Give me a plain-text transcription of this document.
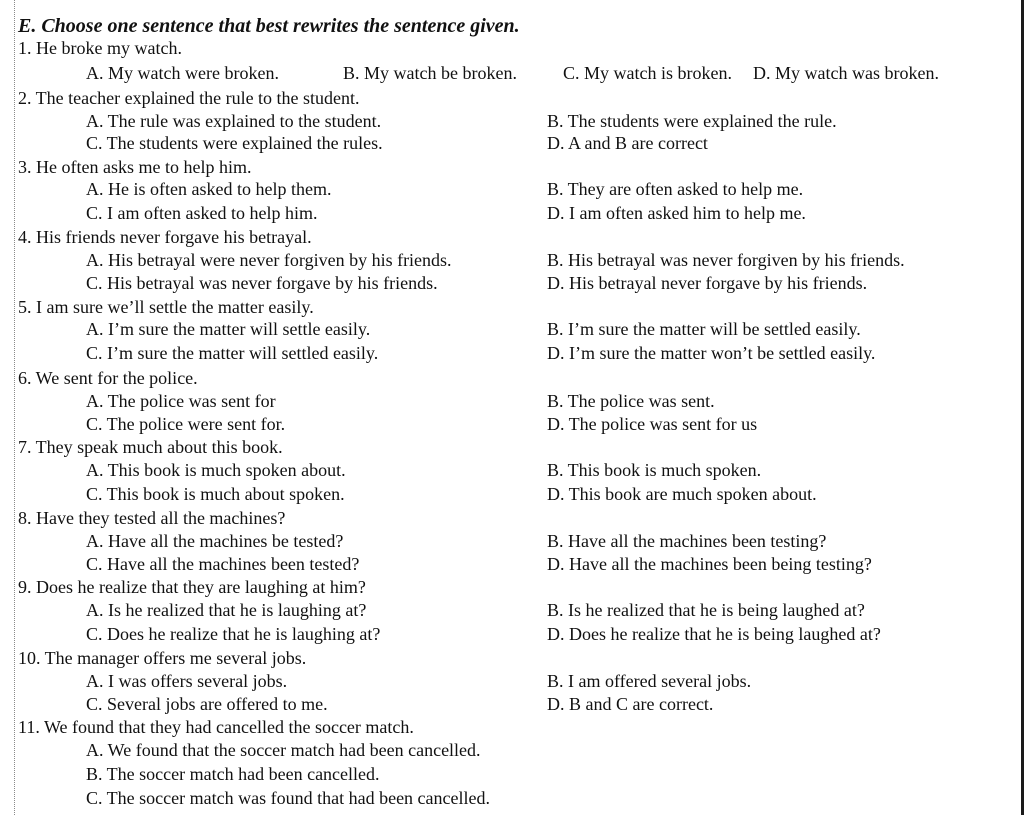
E. Choose one sentence that best rewrites the sentence given.
1. He broke my watch.
A. My watch were broken.	B. My watch be broken.	C. My watch is broken. D. My watch was broken.
2. The teacher explained the rule to the student.
A. The rule was explained to the student.	B. The students were explained the rule.
C. The students were explained the rules.	D. A and B are correct
3. He often asks me to help him.
A. He is often asked to help them.	B. They are often asked to help me.
C. I am often asked to help him.	D. I am often asked him to help me.
4. His friends never forgave his betrayal.
A. His betrayal were never forgiven by his friends.	B. His betrayal was never forgiven by his friends.
C. His betrayal was never forgave by his friends.	D. His betrayal never forgave by his friends.
5. I am sure we’ll settle the matter easily.
A. I’m sure the matter will settle easily.	B. I’m sure the matter will be settled easily.
C. I’m sure the matter will settled easily.	D. I’m sure the matter won’t be settled easily.
6. We sent for the police.
A. The police was sent for	B. The police was sent.
C. The police were sent for.	D. The police was sent for us
7. They speak much about this book.
A. This book is much spoken about.	B. This book is much spoken.
C. This book is much about spoken.	D. This book are much spoken about.
8. Have they tested all the machines?
A. Have all the machines be tested?	B. Have all the machines been testing?
C. Have all the machines been tested?	D. Have all the machines been being testing?
9. Does he realize that they are laughing at him?
A. Is he realized that he is laughing at?	B. Is he realized that he is being laughed at?
C. Does he realize that he is laughing at?	D. Does he realize that he is being laughed at?
10. The manager offers me several jobs.
A. I was offers several jobs.	B. I am offered several jobs.
C. Several jobs are offered to me.	D. B and C are correct.
11. We found that they had cancelled the soccer match.
A. We found that the soccer match had been cancelled.
B. The soccer match had been cancelled.
C. The soccer match was found that had been cancelled.
